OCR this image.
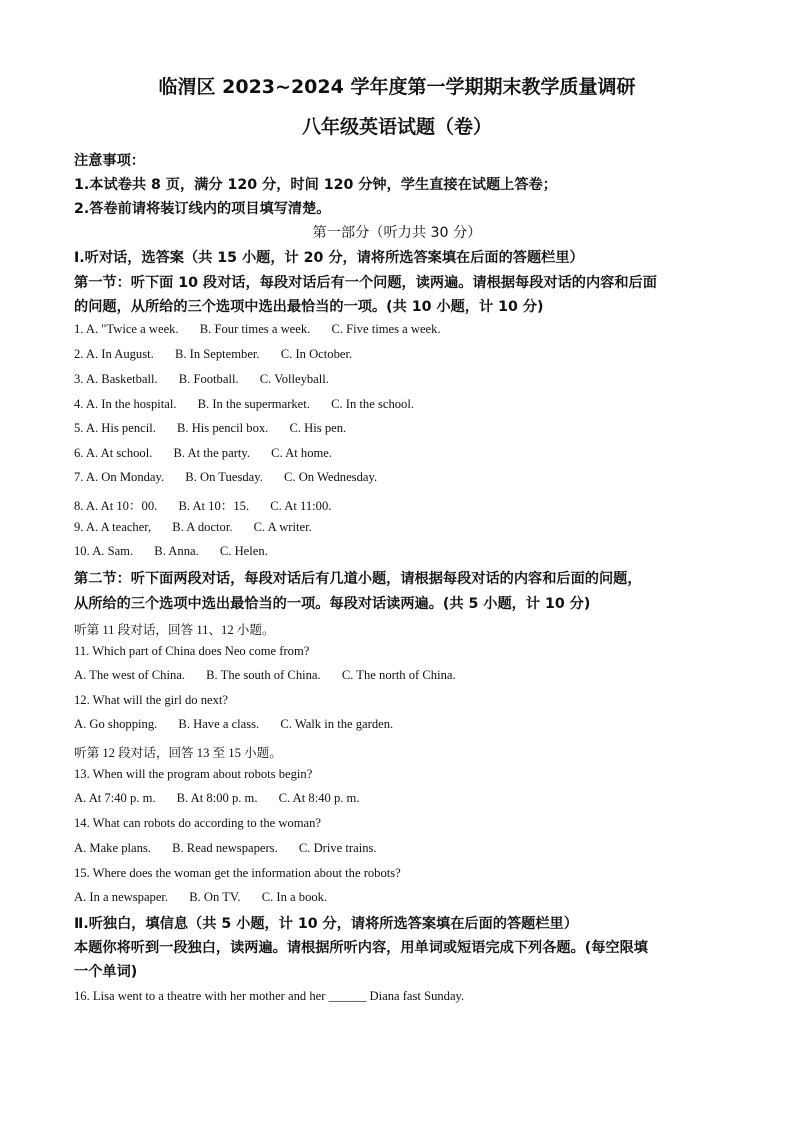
临渭区 2023~2024 学年度第一学期期末教学质量调研
八年级英语试题（卷）
注意事项：
1.本试卷共 8 页，满分 120 分，时间 120 分钟，学生直接在试题上答卷；
2.答卷前请将装订线内的项目填写清楚。
第一部分（听力共 30 分）
Ⅰ.听对话，选答案（共 15 小题，计 20 分，请将所选答案填在后面的答题栏里）
第一节：听下面 10 段对话，每段对话后有一个问题，读两遍。请根据每段对话的内容和后面
的问题，从所给的三个选项中选出最恰当的一项。(共 10 小题，计 10 分)
1. A. "Twice a week. B. Four times a week. C. Five times a week.
2. A. In August. B. In September. C. In October.
3. A. Basketball. B. Football. C. Volleyball.
4. A. In the hospital. B. In the supermarket. C. In the school.
5. A. His pencil. B. His pencil box. C. His pen.
6. A. At school. B. At the party. C. At home.
7. A. On Monday. B. On Tuesday. C. On Wednesday.
8. A. At 10：00. B. At 10：15. C. At 11:00.
9. A. A teacher, B. A doctor. C. A writer.
10. A. Sam. B. Anna. C. Helen.
第二节：听下面两段对话，每段对话后有几道小题，请根据每段对话的内容和后面的问题，
从所给的三个选项中选出最恰当的一项。每段对话读两遍。(共 5 小题，计 10 分)
听第 11 段对话，回答 11、12 小题。
11. Which part of China does Neo come from?
A. The west of China. B. The south of China. C. The north of China.
12. What will the girl do next?
A. Go shopping. B. Have a class. C. Walk in the garden.
听第 12 段对话，回答 13 至 15 小题。
13. When will the program about robots begin?
A. At 7:40 p. m. B. At 8:00 p. m. C. At 8:40 p. m.
14. What can robots do according to the woman?
A. Make plans. B. Read newspapers. C. Drive trains.
15. Where does the woman get the information about the robots?
A. In a newspaper. B. On TV. C. In a book.
Ⅱ.听独白，填信息（共 5 小题，计 10 分，请将所选答案填在后面的答题栏里）
本题你将听到一段独白，读两遍。请根据所听内容，用单词或短语完成下列各题。(每空限填
一个单词)
16. Lisa went to a theatre with her mother and her ______ Diana fast Sunday.
